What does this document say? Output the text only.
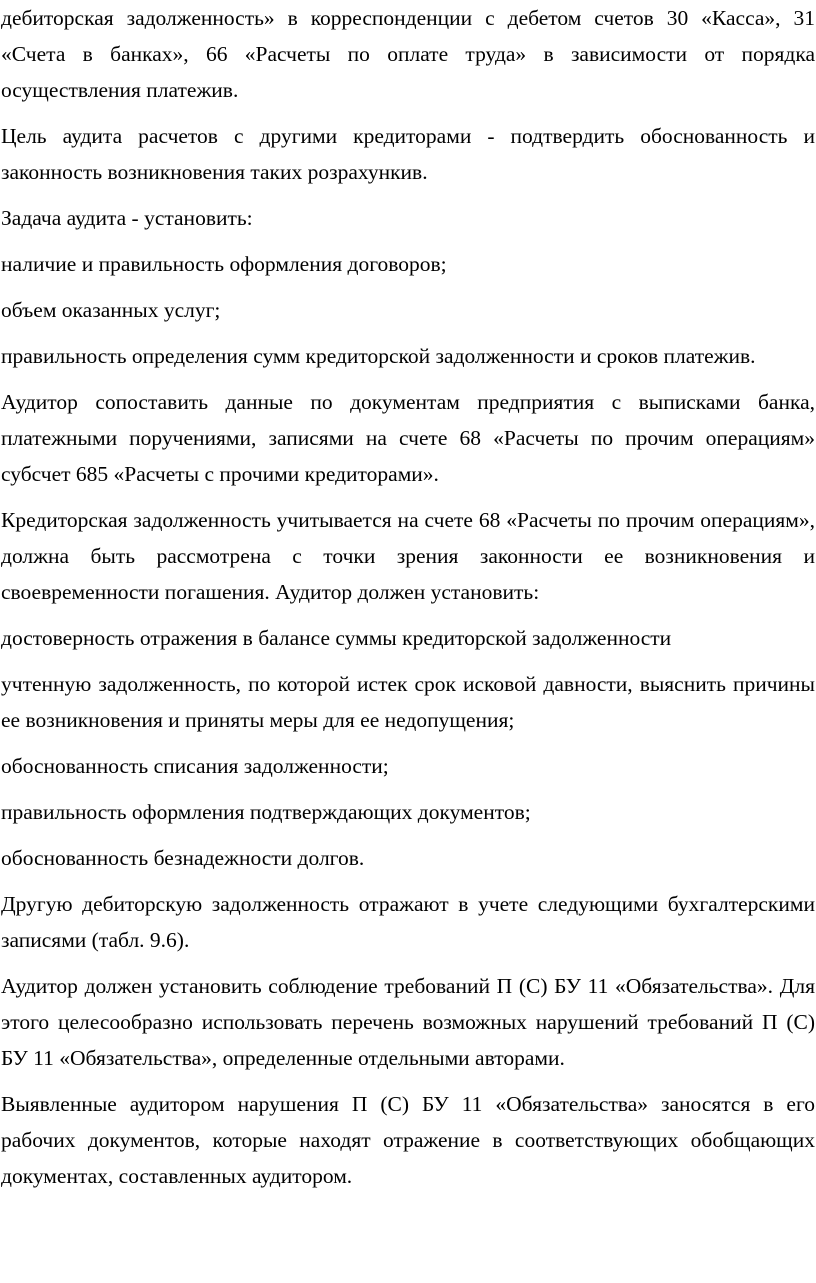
дебиторская задолженность» в корреспонденции с дебетом счетов 30 «Касса», 31 «Счета в банках», 66 «Расчеты по оплате труда» в зависимости от порядка осуществления платежив.

Цель аудита расчетов с другими кредиторами - подтвердить обоснованность и законность возникновения таких розрахункив.

Задача аудита - установить:

наличие и правильность оформления договоров;

объем оказанных услуг;

правильность определения сумм кредиторской задолженности и сроков платежив.

Аудитор сопоставить данные по документам предприятия с выписками банка, платежными поручениями, записями на счете 68 «Расчеты по прочим операциям» субсчет 685 «Расчеты с прочими кредиторами».

Кредиторская задолженность учитывается на счете 68 «Расчеты по прочим операциям», должна быть рассмотрена с точки зрения законности ее возникновения и своевременности погашения. Аудитор должен установить:

достоверность отражения в балансе суммы кредиторской задолженности

учтенную задолженность, по которой истек срок исковой давности, выяснить причины ее возникновения и приняты меры для ее недопущения;

обоснованность списания задолженности;

правильность оформления подтверждающих документов;

обоснованность безнадежности долгов.

Другую дебиторскую задолженность отражают в учете следующими бухгалтерскими записями (табл. 9.6).

Аудитор должен установить соблюдение требований П (С) БУ 11 «Обязательства». Для этого целесообразно использовать перечень возможных нарушений требований П (С) БУ 11 «Обязательства», определенные отдельными авторами.

Выявленные аудитором нарушения П (С) БУ 11 «Обязательства» заносятся в его рабочих документов, которые находят отражение в соответствующих обобщающих документах, составленных аудитором.
